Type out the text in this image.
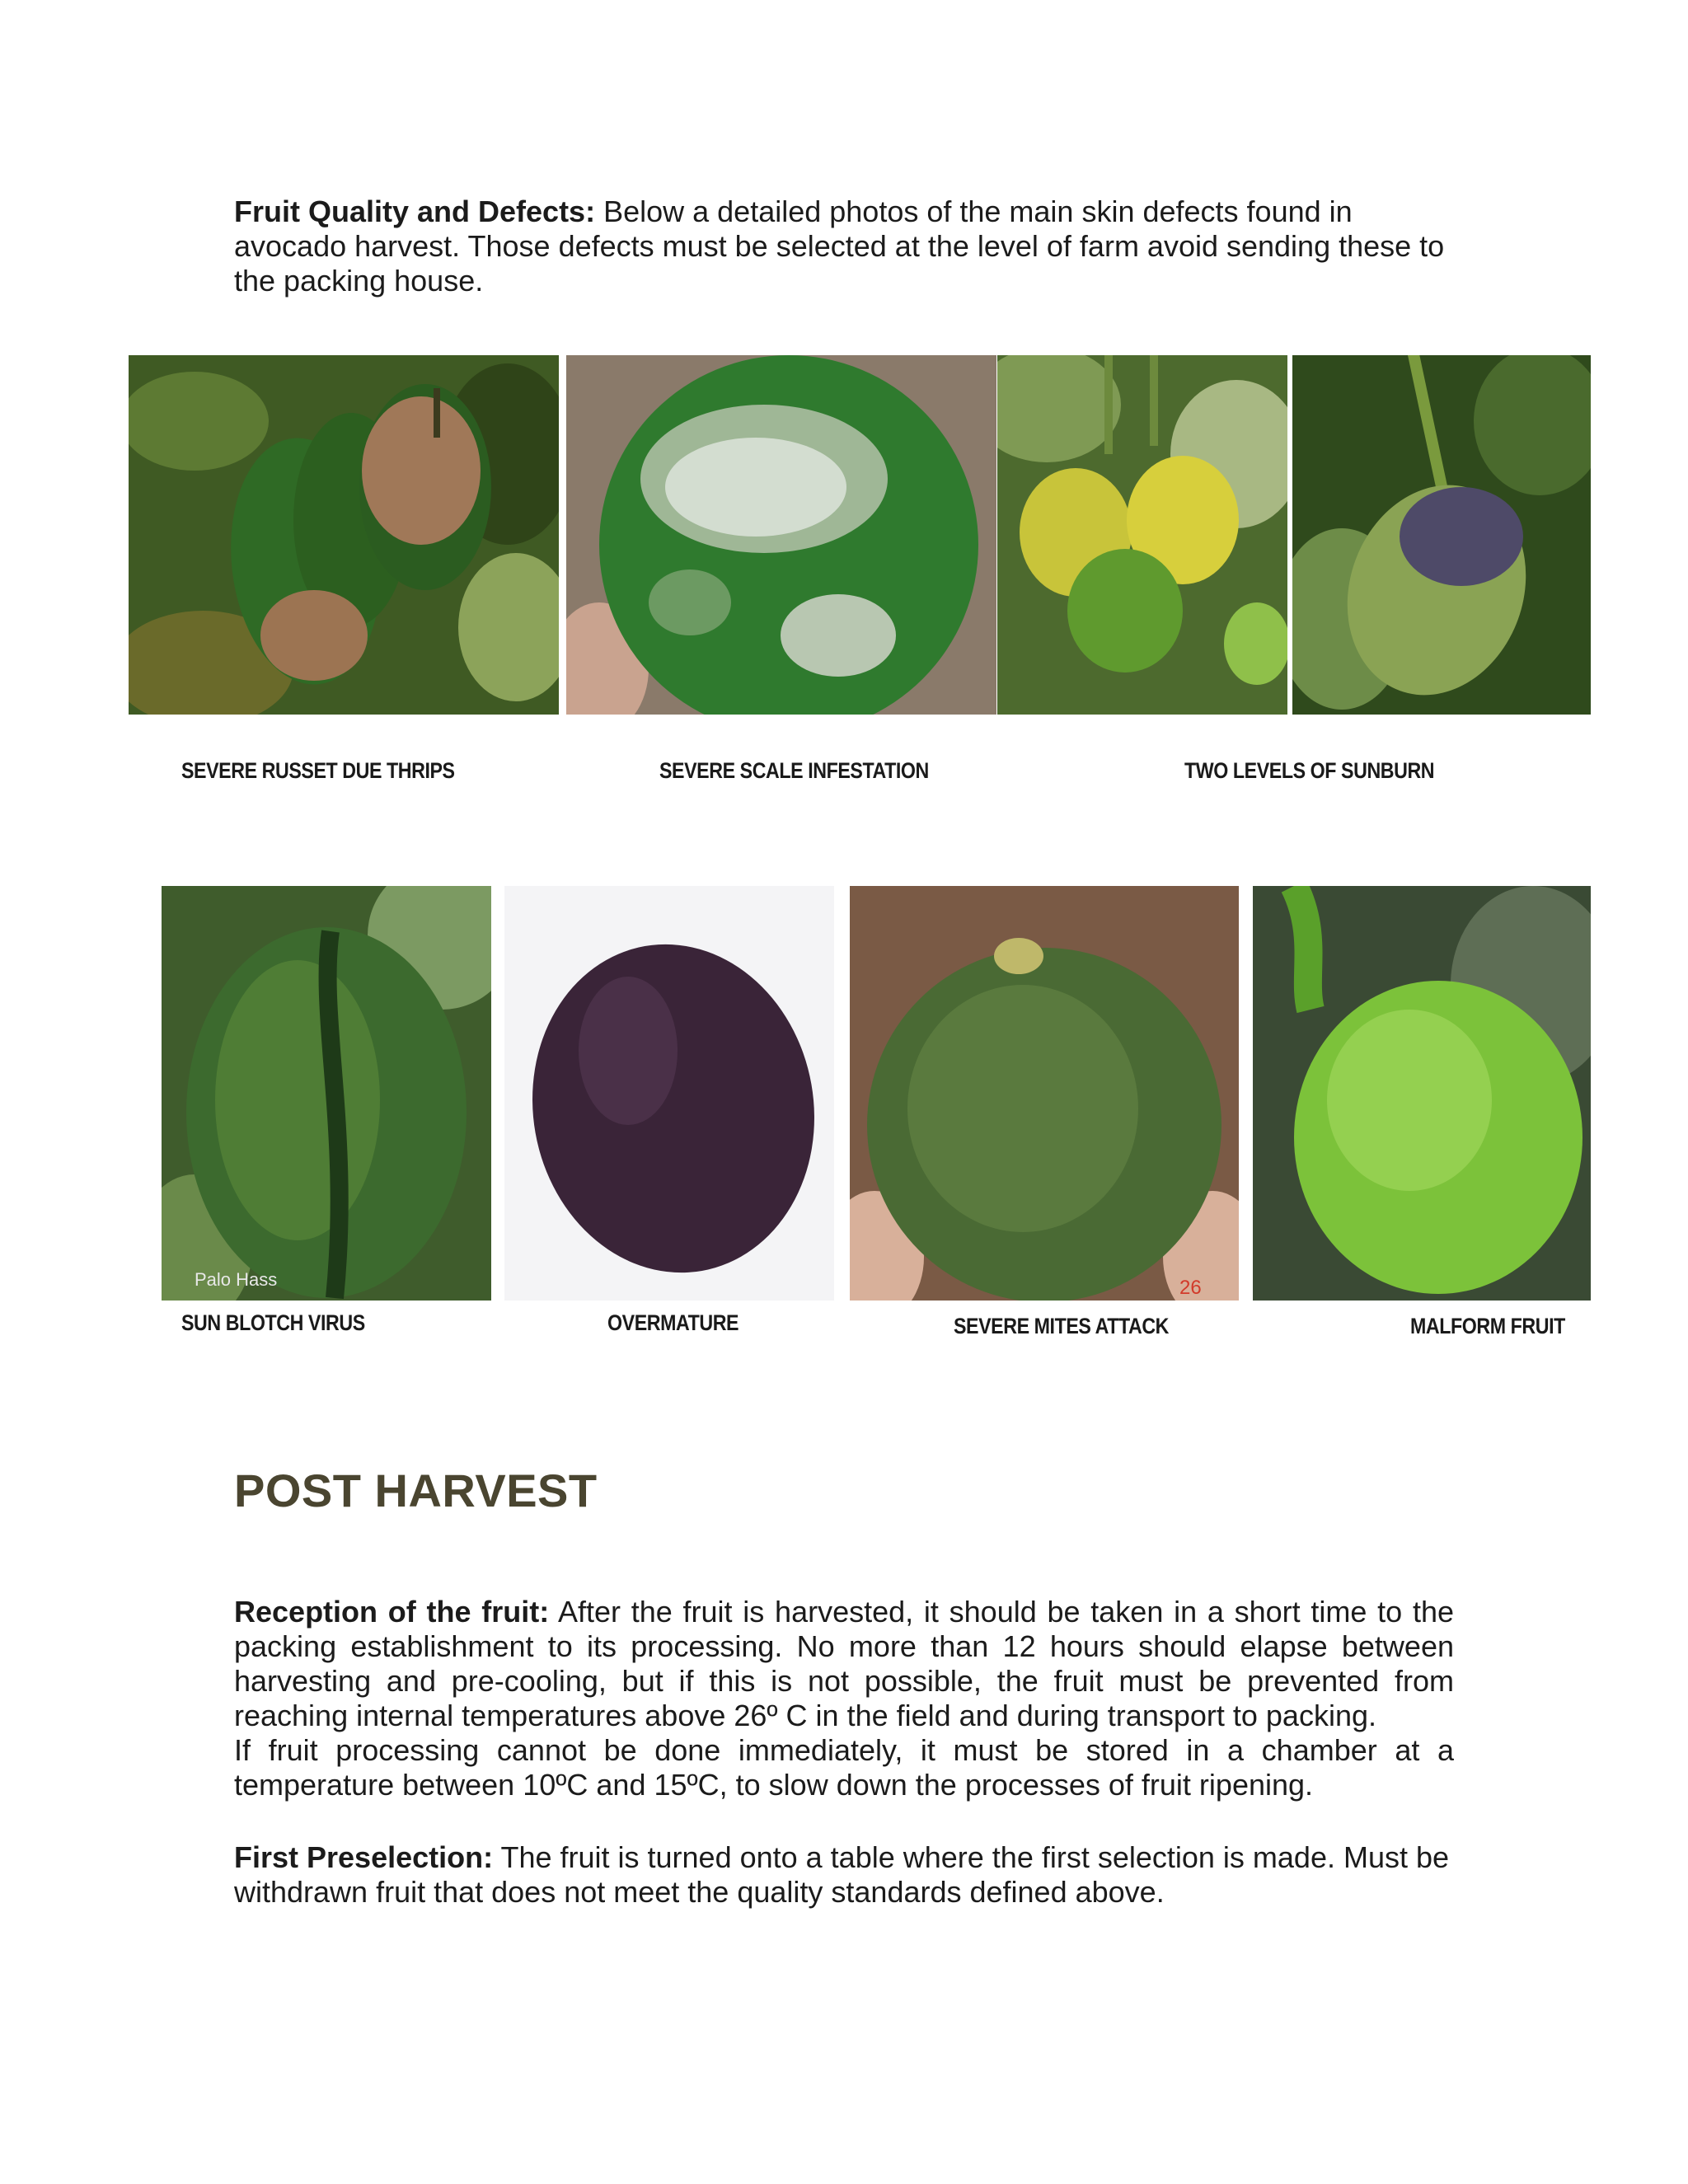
Fruit Quality and Defects: Below a detailed photos of the main skin defects found in avocado harvest. Those defects must be selected at the level of farm avoid sending these to the packing house.

SEVERE RUSSET DUE THRIPS	SEVERE SCALE INFESTATION	TWO LEVELS OF SUNBURN
Palo Hass	26
SUN BLOTCH VIRUS	OVERMATURE	SEVERE MITES ATTACK	MALFORM FRUIT
POST HARVEST

Reception of the fruit: After the fruit is harvested, it should be taken in a short time to the packing establishment to its processing. No more than 12 hours should elapse between harvesting and pre-cooling, but if this is not possible, the fruit must be prevented from reaching internal temperatures above 26º C in the field and during transport to packing.

If fruit processing cannot be done immediately, it must be stored in a chamber at a temperature between 10ºC and 15ºC, to slow down the processes of fruit ripening.

First Preselection: The fruit is turned onto a table where the first selection is made. Must be withdrawn fruit that does not meet the quality standards defined above.
